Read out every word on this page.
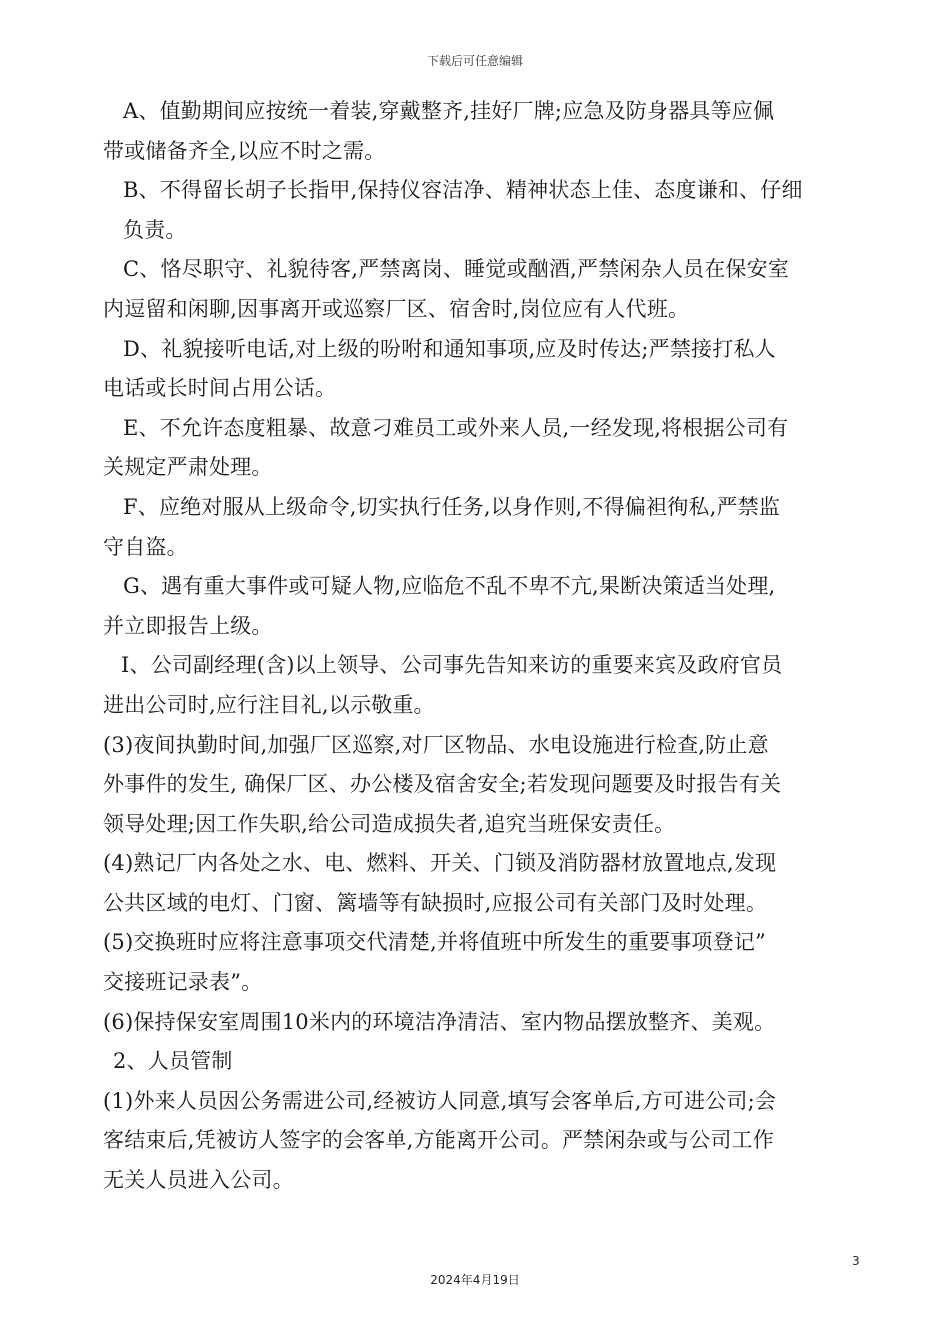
下载后可任意编辑
A、值勤期间应按统一着装,穿戴整齐,挂好厂牌;应急及防身器具等应佩
带或储备齐全,以应不时之需。
B、不得留长胡子长指甲,保持仪容洁净、精神状态上佳、态度谦和、仔细
负责。
C、恪尽职守、礼貌待客,严禁离岗、睡觉或酗酒,严禁闲杂人员在保安室
内逗留和闲聊,因事离开或巡察厂区、宿舍时,岗位应有人代班。
D、礼貌接听电话,对上级的吩咐和通知事项,应及时传达;严禁接打私人
电话或长时间占用公话。
E、不允许态度粗暴、故意刁难员工或外来人员,一经发现,将根据公司有
关规定严肃处理。
F、应绝对服从上级命令,切实执行任务,以身作则,不得偏袒徇私,严禁监
守自盗。
G、遇有重大事件或可疑人物,应临危不乱不卑不亢,果断决策适当处理,
并立即报告上级。
I、公司副经理(含)以上领导、公司事先告知来访的重要来宾及政府官员
进出公司时,应行注目礼,以示敬重。
(3)夜间执勤时间,加强厂区巡察,对厂区物品、水电设施进行检查,防止意
外事件的发生, 确保厂区、办公楼及宿舍安全;若发现问题要及时报告有关
领导处理;因工作失职,给公司造成损失者,追究当班保安责任。
(4)熟记厂内各处之水、电、燃料、开关、门锁及消防器材放置地点,发现
公共区域的电灯、门窗、篱墙等有缺损时,应报公司有关部门及时处理。
(5)交换班时应将注意事项交代清楚,并将值班中所发生的重要事项登记”
交接班记录表”。
(6)保持保安室周围10米内的环境洁净清洁、室内物品摆放整齐、美观。
2、人员管制
(1)外来人员因公务需进公司,经被访人同意,填写会客单后,方可进公司;会
客结束后,凭被访人签字的会客单,方能离开公司。严禁闲杂或与公司工作
无关人员进入公司。
3
2024年4月19日
